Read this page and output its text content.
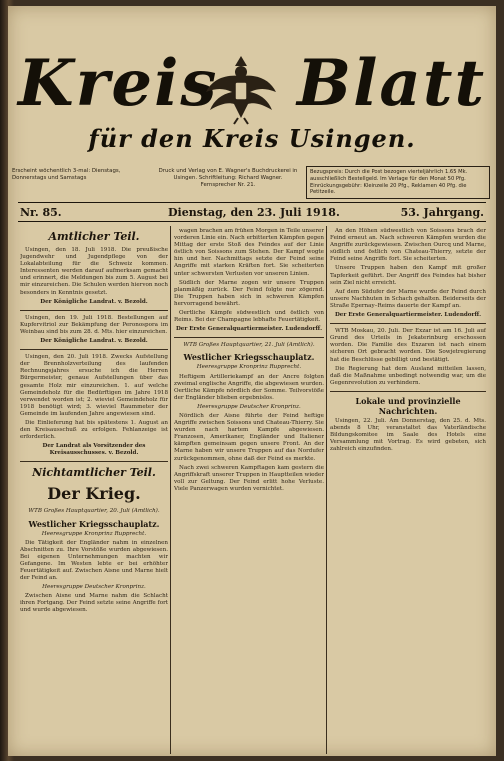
Kreis Blatt
für den Kreis Usingen.
Erscheint wöchentlich 3-mal: Dienstags, Donnerstags und Samstags
Druck und Verlag von E. Wagner's Buchdruckerei in Usingen. Schriftleitung: Richard Wagner. Fernsprecher Nr. 21.
Bezugspreis: Durch die Post bezogen vierteljährlich 1.65 Mk. ausschließlich Bestellgeld. Im Verlage für den Monat 50 Pfg. Einrückungsgebühr: Kleinzeile 20 Pfg., Reklamen 40 Pfg. die Petitzeile.
Nr. 85.	Dienstag, den 23. Juli 1918.	53. Jahrgang.
Amtlicher Teil.

Usingen, den 18. Juli 1918. Die preußische Jugendwehr und Jugendpflege von der Lokalabteilung für die Schweiz kommen. Interessenten werden darauf aufmerksam gemacht und erinnert, die Meldungen bis zum 5. August bei mir einzureichen. Die Schulen werden hiervon noch besonders in Kenntnis gesetzt.

Der Königliche Landrat. v. Bezold.

Usingen, den 19. Juli 1918. Bestellungen auf Kupfervitriol zur Bekämpfung der Peronospora im Weinbau sind bis zum 28. d. Mts. hier einzureichen.

Der Königliche Landrat. v. Bezold.

Usingen, den 20. Juli 1918. Zwecks Aufstellung der Brennholzverteilung des laufenden Rechnungsjahres ersuche ich die Herren Bürgermeister, genaue Aufstellungen über das gesamte Holz mir einzureichen. 1. auf welche Gemeindeholz für die Bedürftigen im Jahre 1918 verwendet worden ist; 2. wieviel Gemeindeholz für 1918 benötigt wird; 3. wieviel Raummeter der Gemeinde im laufenden Jahre angewiesen sind.

Die Einlieferung hat bis spätestens 1. August an den Kreisausschuß zu erfolgen. Fehlanzeige ist erforderlich.

Der Landrat als Vorsitzender des Kreisausschusses. v. Bezold.

Nichtamtlicher Teil.
Der Krieg.

WTB Großes Hauptquartier, 20. Juli (Amtlich).

Westlicher Kriegsschauplatz.

Heeresgruppe Kronprinz Rupprecht.

Die Tätigkeit der Engländer nahm in einzelnen Abschnitten zu. Ihre Vorstöße wurden abgewiesen. Bei eigenen Unternehmungen machten wir Gefangene. Im Westen lebte er bei erhöhter Feuertätigkeit auf. Zwischen Aisne und Marne hielt der Feind an.

Heeresgruppe Deutscher Kronprinz.

Zwischen Aisne und Marne nahm die Schlacht ihren Fortgang. Der Feind setzte seine Angriffe fort und wurde abgewiesen.

wagen brachen am frühen Morgen in Teile unserer vorderen Linie ein. Nach erbitterten Kämpfen gegen Mittag der erste Stoß des Feindes auf der Linie östlich von Soissons zum Stehen. Der Kampf wogte hin und her. Nachmittags setzte der Feind seine Angriffe mit starken Kräften fort. Sie scheiterten unter schwersten Verlusten vor unseren Linien.

Südlich der Marne zogen wir unsere Truppen planmäßig zurück. Der Feind folgte nur zögernd. Die Truppen haben sich in schweren Kämpfen hervorragend bewährt.

Oertliche Kämpfe südwestlich und östlich von Reims. Bei der Champagne lebhafte Feuertätigkeit.

Der Erste Generalquartiermeister. Ludendorff.

WTB Großes Hauptquartier, 21. Juli (Amtlich).

Westlicher Kriegsschauplatz.

Heeresgruppe Kronprinz Rupprecht.

Heftigem Artilleriekampf an der Ancre folgten zweimal englische Angriffe, die abgewiesen wurden. Oertliche Kämpfe nördlich der Somme. Teilvorstöße der Engländer blieben ergebnislos.

Heeresgruppe Deutscher Kronprinz.

Nördlich der Aisne führte der Feind heftige Angriffe zwischen Soissons und Chateau-Thierry. Sie wurden nach hartem Kampfe abgewiesen. Franzosen, Amerikaner, Engländer und Italiener kämpften gemeinsam gegen unsere Front. An der Marne haben wir unsere Truppen auf das Nordufer zurückgenommen, ohne daß der Feind es merkte.

Nach zwei schweren Kampftagen kam gestern die Angriffskraft unserer Truppen in Hauptteilen wieder voll zur Geltung. Der Feind erlitt hohe Verluste. Viele Panzerwagen wurden vernichtet.

An den Höhen südwestlich von Soissons brach der Feind erneut an. Nach schweren Kämpfen wurden die Angriffe zurückgewiesen. Zwischen Ourcq und Marne, südlich und östlich von Chateau-Thierry, setzte der Feind seine Angriffe fort. Sie scheiterten.

Unsere Truppen haben den Kampf mit großer Tapferkeit geführt. Der Angriff des Feindes hat bisher sein Ziel nicht erreicht.

Auf dem Südufer der Marne wurde der Feind durch unsere Nachhuten in Schach gehalten. Beiderseits der Straße Epernay–Reims dauerte der Kampf an.

Der Erste Generalquartiermeister. Ludendorff.

WTB Moskau, 20. Juli. Der Exzar ist am 16. Juli auf Grund des Urteils in Jekaterinburg erschossen worden. Die Familie des Exzaren ist nach einem sicheren Ort gebracht worden. Die Sowjetregierung hat die Beschlüsse gebilligt und bestätigt.

Die Regierung hat dem Ausland mitteilen lassen, daß die Maßnahme unbedingt notwendig war, um die Gegenrevolution zu verhindern.

Lokale und provinzielle Nachrichten.

Usingen, 22. Juli. Am Donnerstag, den 25. d. Mts. abends 8 Uhr, veranstaltet das Vaterländische Bildungskomitee im Saale des Hotels eine Versammlung mit Vortrag. Es wird gebeten, sich zahlreich einzufinden.
